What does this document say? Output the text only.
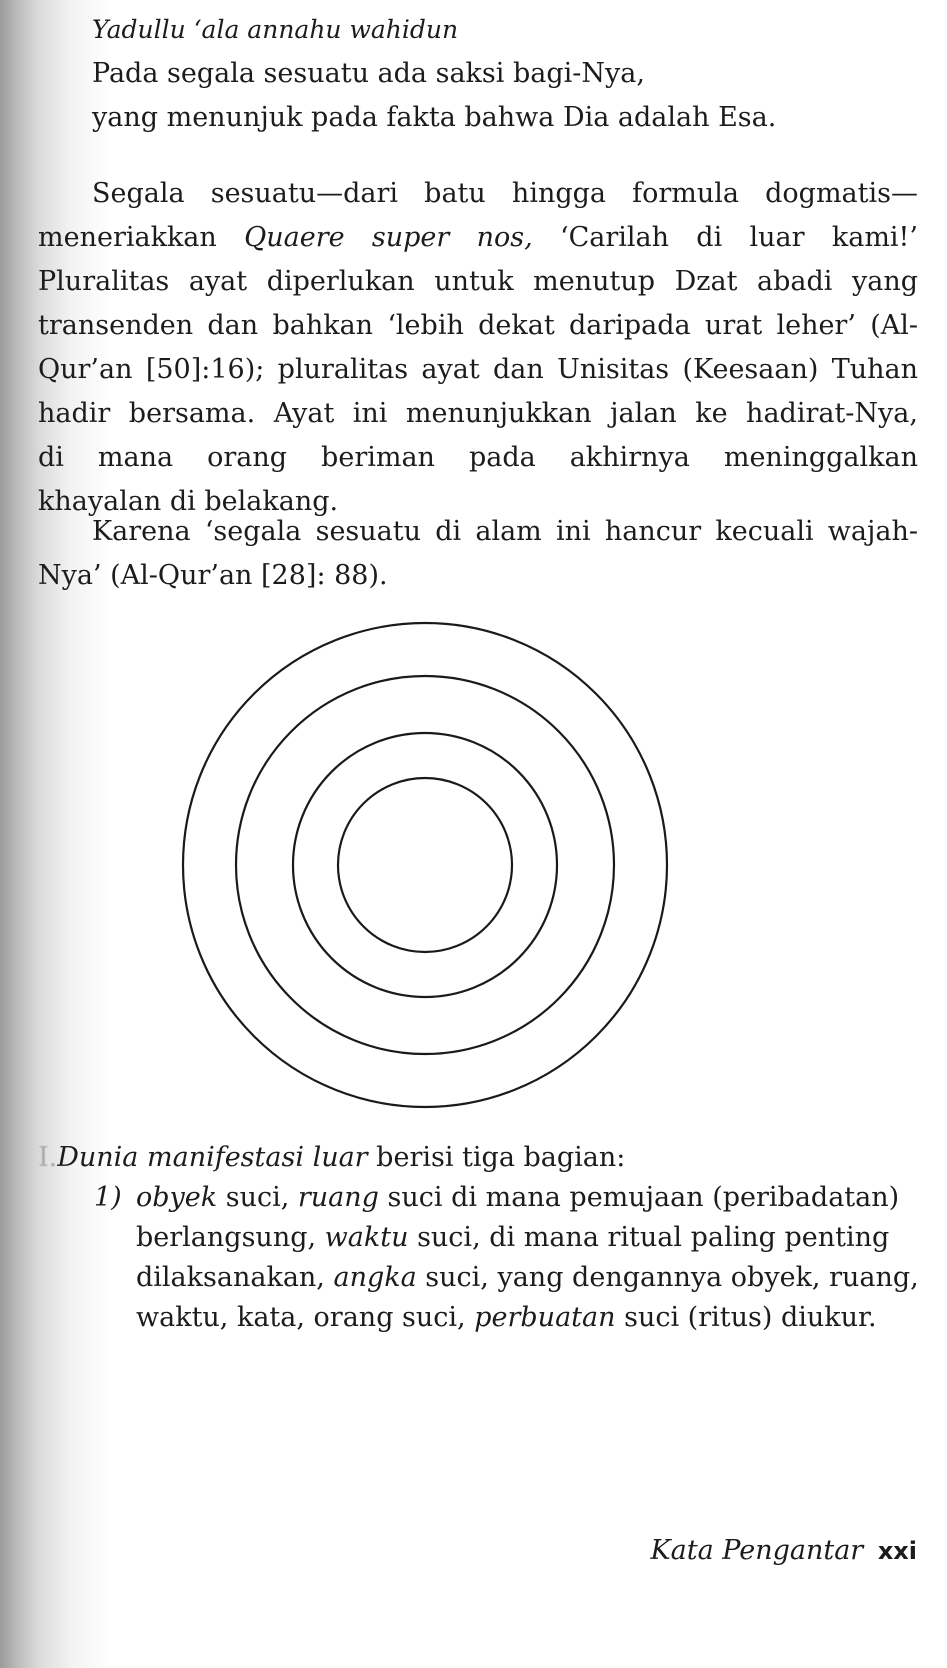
Yadullu ‘ala annahu wahidun
Pada segala sesuatu ada saksi bagi-Nya,
yang menunjuk pada fakta bahwa Dia adalah Esa.
Segala sesuatu—dari batu hingga formula dogmatis—
meneriakkan Quaere super nos, ‘Carilah di luar kami!’
Pluralitas ayat diperlukan untuk menutup Dzat abadi yang
transenden dan bahkan ‘lebih dekat daripada urat leher’ (Al-
Qur’an [50]:16); pluralitas ayat dan Unisitas (Keesaan) Tuhan
hadir bersama. Ayat ini menunjukkan jalan ke hadirat-Nya,
di mana orang beriman pada akhirnya meninggalkan
khayalan di belakang.
Karena ‘segala sesuatu di alam ini hancur kecuali wajah-
Nya’ (Al-Qur’an [28]: 88).
I.Dunia manifestasi luar berisi tiga bagian:
1) obyek suci, ruang suci di mana pemujaan (peribadatan)
berlangsung, waktu suci, di mana ritual paling penting
dilaksanakan, angka suci, yang dengannya obyek, ruang,
waktu, kata, orang suci, perbuatan suci (ritus) diukur.
Kata Pengantar xxi
